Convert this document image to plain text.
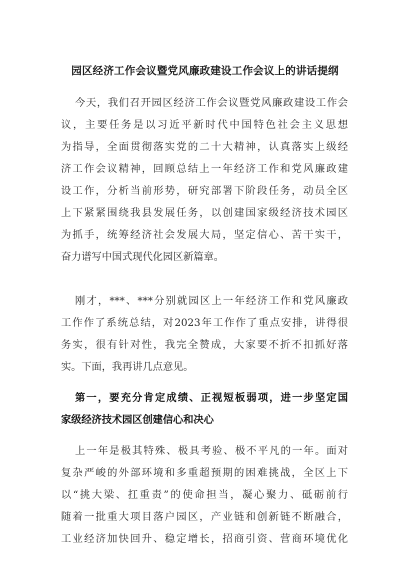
园区经济工作会议暨党风廉政建设工作会议上的讲话提纲
今天，我们召开园区经济工作会议暨党风廉政建设工作会
议，主要任务是以习近平新时代中国特色社会主义思想
为指导，全面贯彻落实党的二十大精神，认真落实上级经
济工作会议精神，回顾总结上一年经济工作和党风廉政建
设工作，分析当前形势，研究部署下阶段任务，动员全区
上下紧紧围绕我县发展任务，以创建国家级经济技术园区
为抓手，统筹经济社会发展大局，坚定信心、苦干实干，
奋力谱写中国式现代化园区新篇章。
刚才，***、***分别就园区上一年经济工作和党风廉政
工作作了系统总结，对2023年工作作了重点安排，讲得很
务实，很有针对性，我完全赞成，大家要不折不扣抓好落
实。下面，我再讲几点意见。
第一，要充分肯定成绩、正视短板弱项，进一步坚定国
家级经济技术园区创建信心和决心
上一年是极其特殊、极具考验、极不平凡的一年。面对
复杂严峻的外部环境和多重超预期的困难挑战，全区上下
以“挑大梁、扛重责”的使命担当，凝心聚力、砥砺前行
随着一批重大项目落户园区，产业链和创新链不断融合，
工业经济加快回升、稳定增长，招商引资、营商环境优化
